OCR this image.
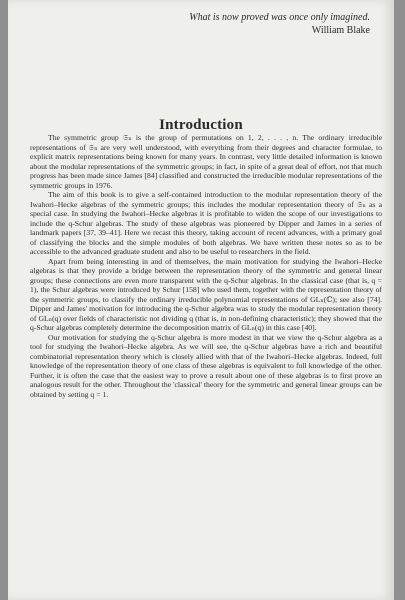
What is now proved was once only imagined.
William Blake
Introduction

The symmetric group 𝔖ₙ is the group of permutations on 1, 2, . . . , n. The ordinary irreducible representations of 𝔖ₙ are very well understood, with everything from their degrees and character formulae, to explicit matrix representations being known for many years. In contrast, very little detailed information is known about the modular representations of the symmetric groups; in fact, in spite of a great deal of effort, not that much progress has been made since James [84] classified and constructed the irreducible modular representations of the symmetric groups in 1976.

The aim of this book is to give a self-contained introduction to the modular representation theory of the Iwahori–Hecke algebras of the symmetric groups; this includes the modular representation theory of 𝔖ₙ as a special case. In studying the Iwahori–Hecke algebras it is profitable to widen the scope of our investigations to include the q-Schur algebras. The study of these algebras was pioneered by Dipper and James in a series of landmark papers [37, 39–41]. Here we recast this theory, taking account of recent advances, with a primary goal of classifying the blocks and the simple modules of both algebras. We have written these notes so as to be accessible to the advanced graduate student and also to be useful to researchers in the field.

Apart from being interesting in and of themselves, the main motivation for studying the Iwahori–Hecke algebras is that they provide a bridge between the representation theory of the symmetric and general linear groups; these connections are even more transparent with the q-Schur algebras. In the classical case (that is, q = 1), the Schur algebras were introduced by Schur [158] who used them, together with the representation theory of the symmetric groups, to classify the ordinary irreducible polynomial representations of GLₙ(ℂ); see also [74]. Dipper and James' motivation for introducing the q-Schur algebra was to study the modular representation theory of GLₙ(q) over fields of characteristic not dividing q (that is, in non-defining characteristic); they showed that the q-Schur algebras completely determine the decomposition matrix of GLₙ(q) in this case [40].

Our motivation for studying the q-Schur algebra is more modest in that we view the q-Schur algebra as a tool for studying the Iwahori–Hecke algebra. As we will see, the q-Schur algebras have a rich and beautiful combinatorial representation theory which is closely allied with that of the Iwahori–Hecke algebras. Indeed, full knowledge of the representation theory of one class of these algebras is equivalent to full knowledge of the other. Further, it is often the case that the easiest way to prove a result about one of these algebras is to first prove an analogous result for the other. Throughout the 'classical' theory for the symmetric and general linear groups can be obtained by setting q = 1.
